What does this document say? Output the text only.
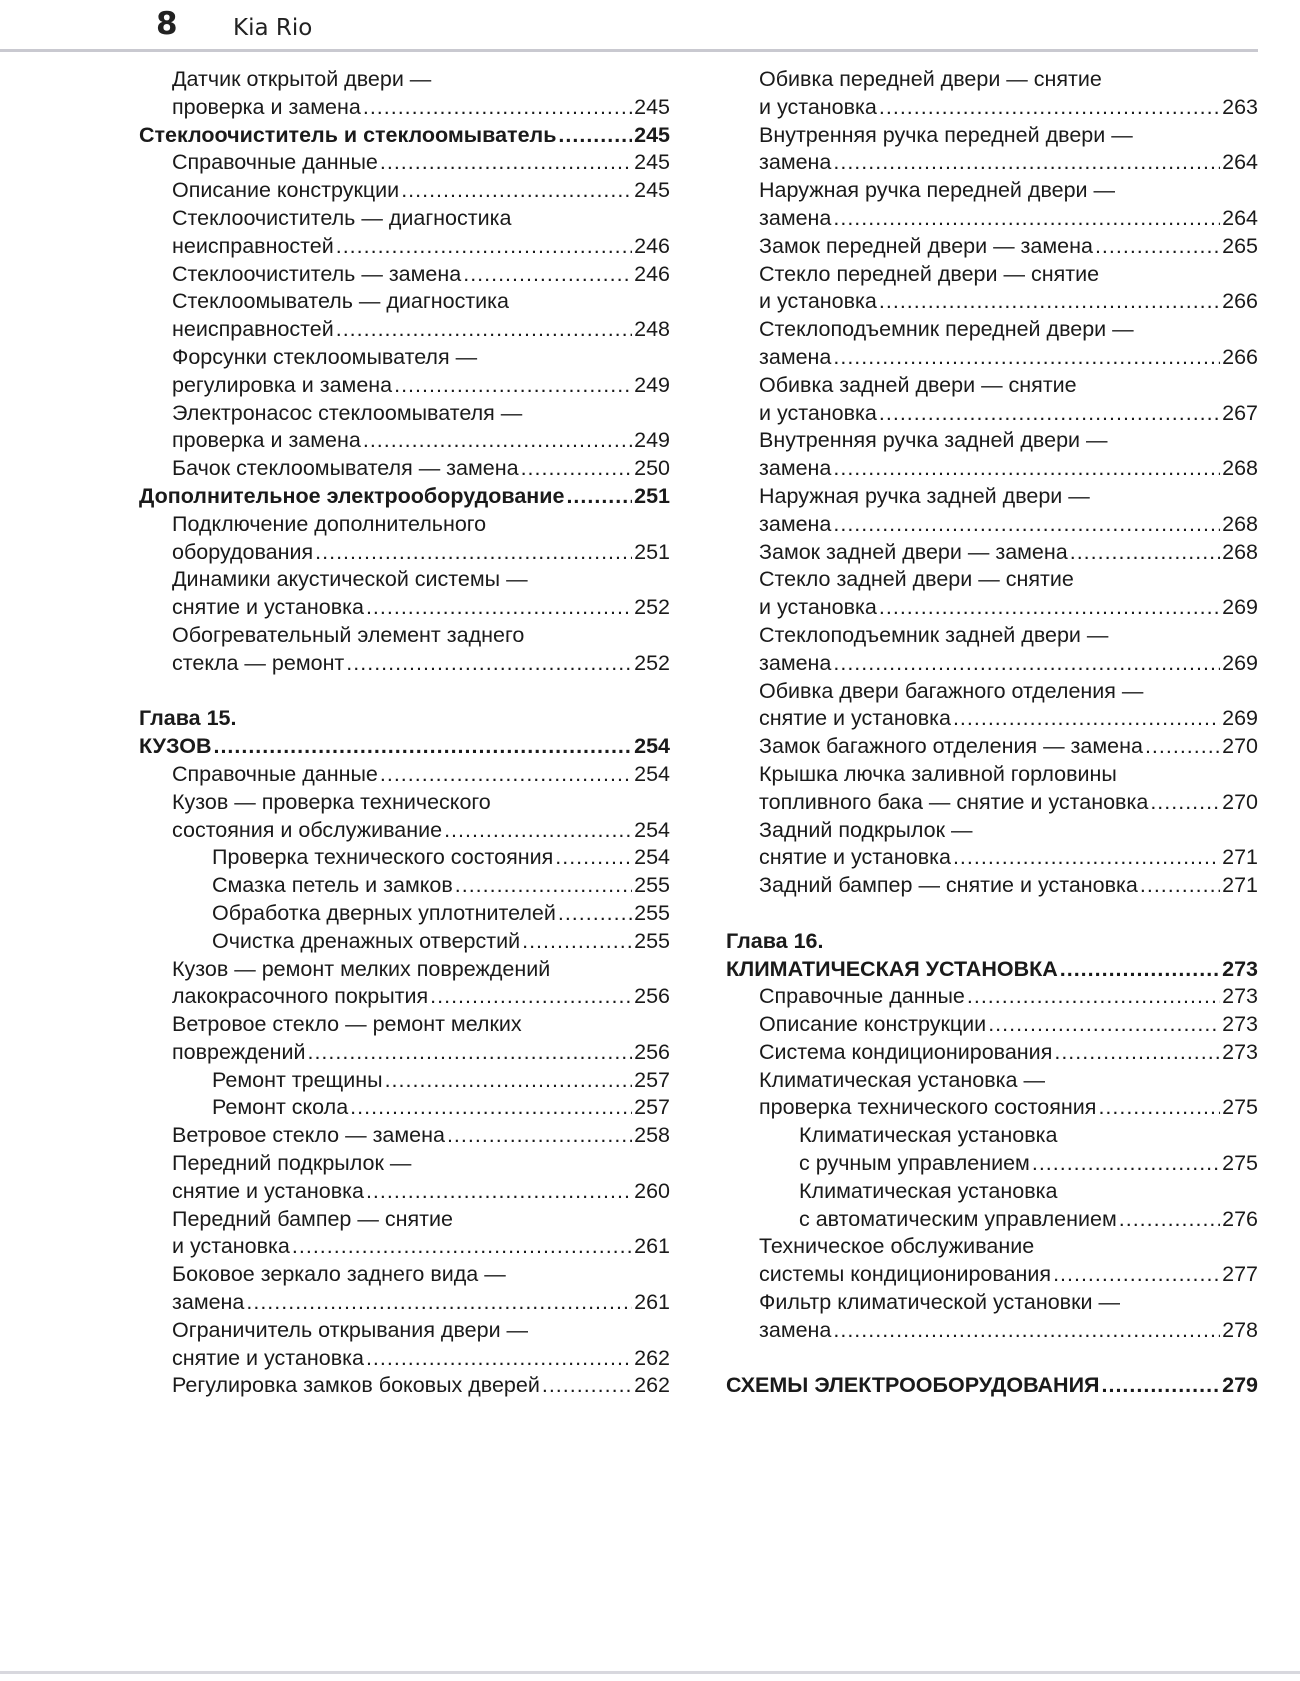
8 Kia Rio
Датчик открытой двери —
проверка и замена .....	245
Стеклоочиститель и стеклоомыватель .....	245
Справочные данные .....	245
Описание конструкции .....	245
Стеклоочиститель — диагностика
неисправностей .....	246
Стеклоочиститель — замена .....	246
Стеклоомыватель — диагностика
неисправностей .....	248
Форсунки стеклоомывателя —
регулировка и замена .....	249
Электронасос стеклоомывателя —
проверка и замена .....	249
Бачок стеклоомывателя — замена .....	250
Дополнительное электрооборудование .....	251
Подключение дополнительного
оборудования .....	251
Динамики акустической системы —
снятие и установка .....	252
Обогревательный элемент заднего
стекла — ремонт .....	252
Глава 15.
КУЗОВ .....	254
Справочные данные .....	254
Кузов — проверка технического
состояния и обслуживание .....	254
Проверка технического состояния .....	254
Смазка петель и замков .....	255
Обработка дверных уплотнителей .....	255
Очистка дренажных отверстий .....	255
Кузов — ремонт мелких повреждений
лакокрасочного покрытия .....	256
Ветровое стекло — ремонт мелких
повреждений .....	256
Ремонт трещины .....	257
Ремонт скола .....	257
Ветровое стекло — замена .....	258
Передний подкрылок —
снятие и установка .....	260
Передний бампер — снятие
и установка .....	261
Боковое зеркало заднего вида —
замена .....	261
Ограничитель открывания двери —
снятие и установка .....	262
Регулировка замков боковых дверей .....	262
Обивка передней двери — снятие
и установка .....	263
Внутренняя ручка передней двери —
замена .....	264
Наружная ручка передней двери —
замена .....	264
Замок передней двери — замена .....	265
Стекло передней двери — снятие
и установка .....	266
Стеклоподъемник передней двери —
замена .....	266
Обивка задней двери — снятие
и установка .....	267
Внутренняя ручка задней двери —
замена .....	268
Наружная ручка задней двери —
замена .....	268
Замок задней двери — замена .....	268
Стекло задней двери — снятие
и установка .....	269
Стеклоподъемник задней двери —
замена .....	269
Обивка двери багажного отделения —
снятие и установка .....	269
Замок багажного отделения — замена .....	270
Крышка лючка заливной горловины
топливного бака — снятие и установка .....	270
Задний подкрылок —
снятие и установка .....	271
Задний бампер — снятие и установка .....	271
Глава 16.
КЛИМАТИЧЕСКАЯ УСТАНОВКА .....	273
Справочные данные .....	273
Описание конструкции .....	273
Система кондиционирования .....	273
Климатическая установка —
проверка технического состояния .....	275
Климатическая установка
с ручным управлением .....	275
Климатическая установка
с автоматическим управлением .....	276
Техническое обслуживание
системы кондиционирования .....	277
Фильтр климатической установки —
замена .....	278
СХЕМЫ ЭЛЕКТРООБОРУДОВАНИЯ .....	279
